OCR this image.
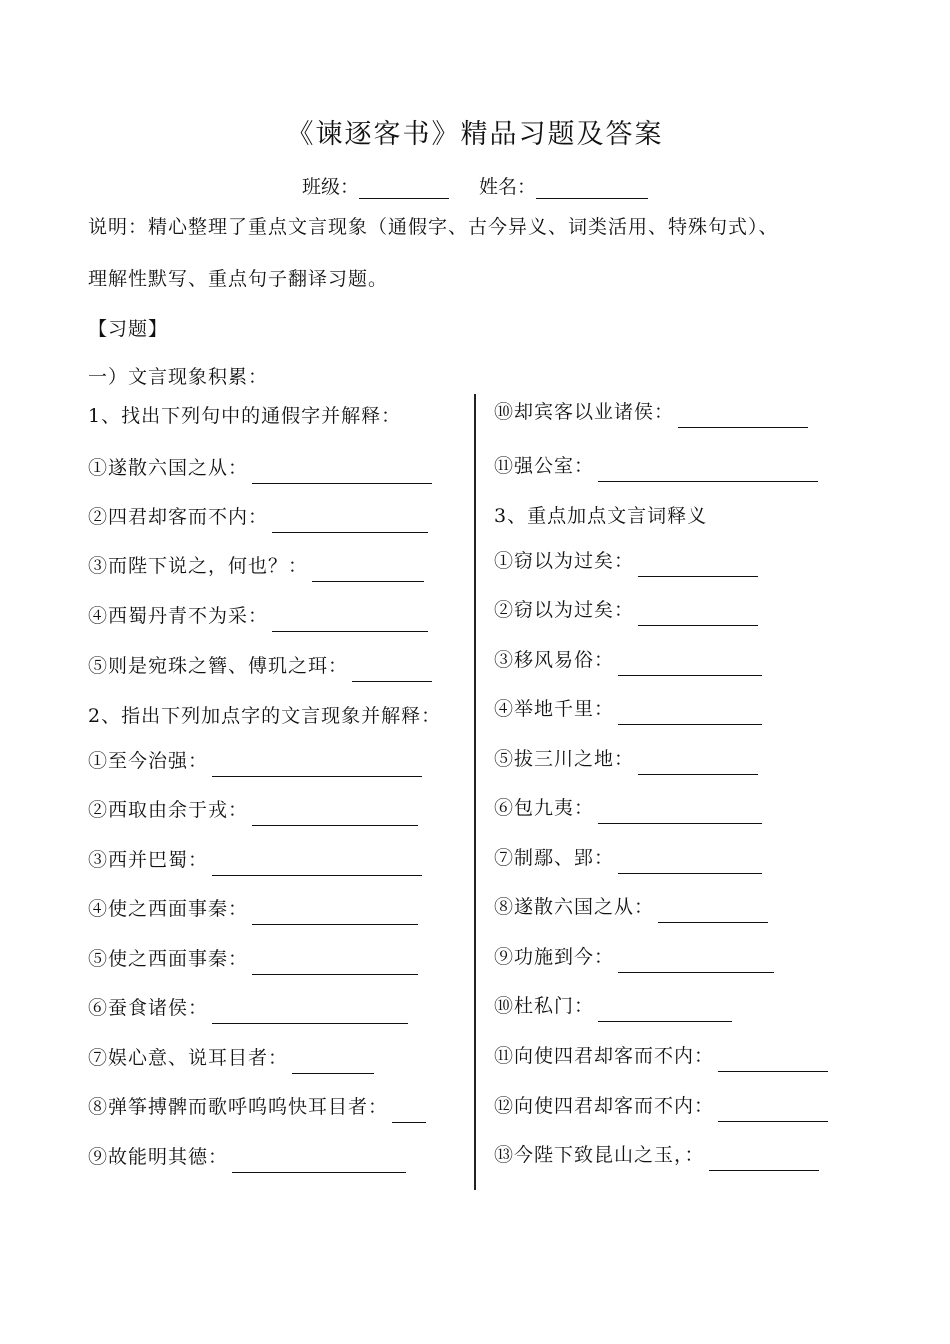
《谏逐客书》精品习题及答案
班级：	姓名：
说明：精心整理了重点文言现象（通假字、古今异义、词类活用、特殊句式）、
理解性默写、重点句子翻译习题。
【习题】
一）文言现象积累：
1、找出下列句中的通假字并解释：
①遂散六国之从：
②四君却客而不内：
③而陛下说之，何也？：
④西蜀丹青不为采：
⑤则是宛珠之簪、傅玑之珥：
2、指出下列加点字的文言现象并解释：
①至今治强：
②西取由余于戎：
③西并巴蜀：
④使之西面事秦：
⑤使之西面事秦：
⑥蚕食诸侯：
⑦娱心意、说耳目者：
⑧弹筝搏髀而歌呼呜呜快耳目者：
⑨故能明其德：
⑩却宾客以业诸侯：
⑪强公室：
3、重点加点文言词释义
①窃以为过矣：
②窃以为过矣：
③移风易俗：
④举地千里：
⑤拔三川之地：
⑥包九夷：
⑦制鄢、郢：
⑧遂散六国之从：
⑨功施到今：
⑩杜私门：
⑪向使四君却客而不内：
⑫向使四君却客而不内：
⑬今陛下致昆山之玉，：
